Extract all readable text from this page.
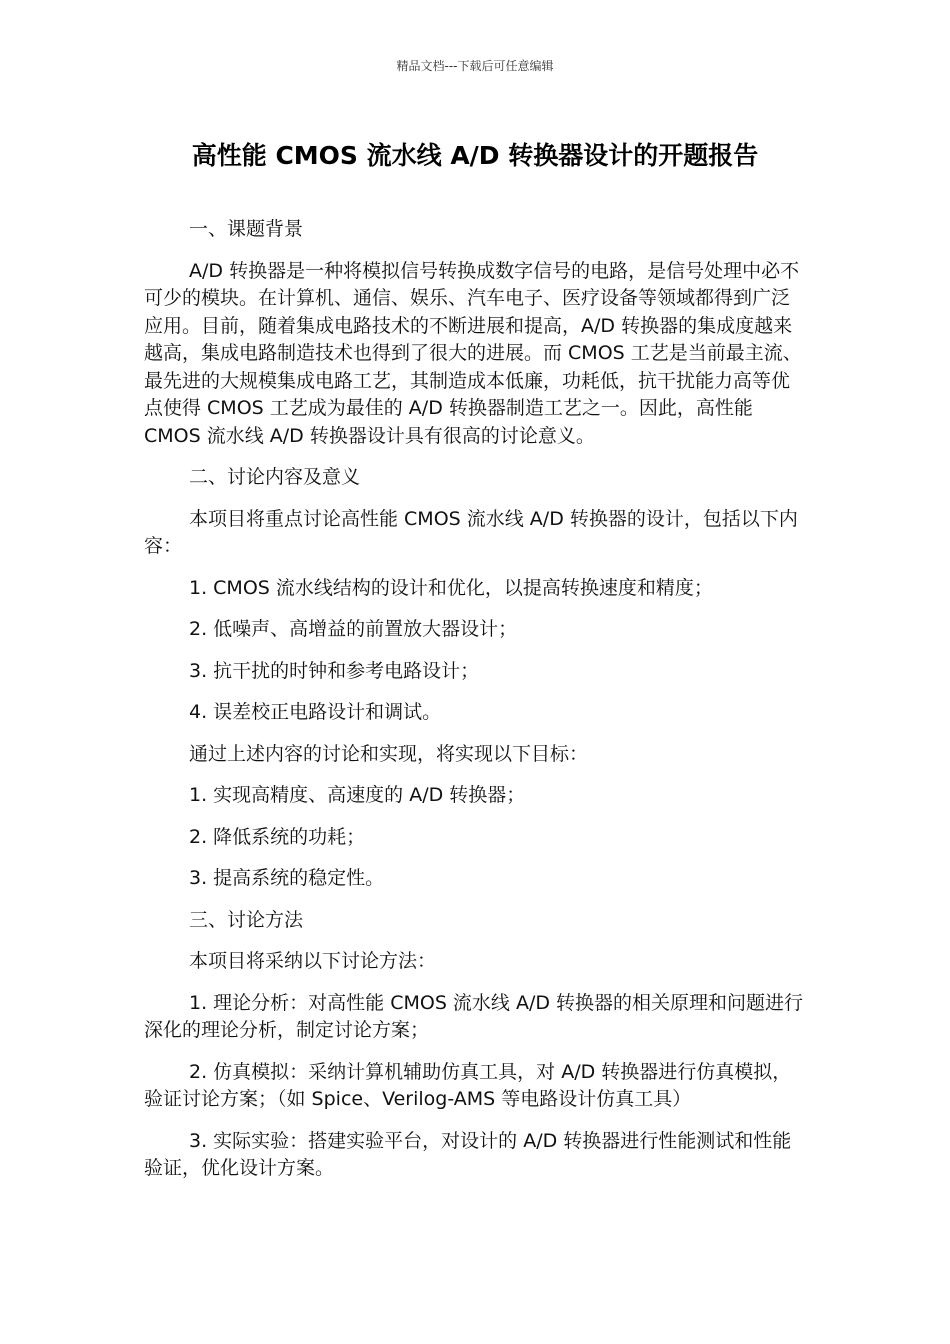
精品文档---下载后可任意编辑
高性能 CMOS 流水线 A/D 转换器设计的开题报告

一、课题背景

A/D 转换器是一种将模拟信号转换成数字信号的电路，是信号处理中必不可少的模块。在计算机、通信、娱乐、汽车电子、医疗设备等领域都得到广泛应用。目前，随着集成电路技术的不断进展和提高，A/D 转换器的集成度越来越高，集成电路制造技术也得到了很大的进展。而 CMOS 工艺是当前最主流、最先进的大规模集成电路工艺，其制造成本低廉，功耗低，抗干扰能力高等优点使得 CMOS 工艺成为最佳的 A/D 转换器制造工艺之一。因此，高性能 CMOS 流水线 A/D 转换器设计具有很高的讨论意义。

二、讨论内容及意义

本项目将重点讨论高性能 CMOS 流水线 A/D 转换器的设计，包括以下内容：

1. CMOS 流水线结构的设计和优化，以提高转换速度和精度；

2. 低噪声、高增益的前置放大器设计；

3. 抗干扰的时钟和参考电路设计；

4. 误差校正电路设计和调试。

通过上述内容的讨论和实现，将实现以下目标：

1. 实现高精度、高速度的 A/D 转换器；

2. 降低系统的功耗；

3. 提高系统的稳定性。

三、讨论方法

本项目将采纳以下讨论方法：

1. 理论分析：对高性能 CMOS 流水线 A/D 转换器的相关原理和问题进行深化的理论分析，制定讨论方案；

2. 仿真模拟：采纳计算机辅助仿真工具，对 A/D 转换器进行仿真模拟，验证讨论方案；（如 Spice、Verilog-AMS 等电路设计仿真工具）

3. 实际实验：搭建实验平台，对设计的 A/D 转换器进行性能测试和性能验证，优化设计方案。
